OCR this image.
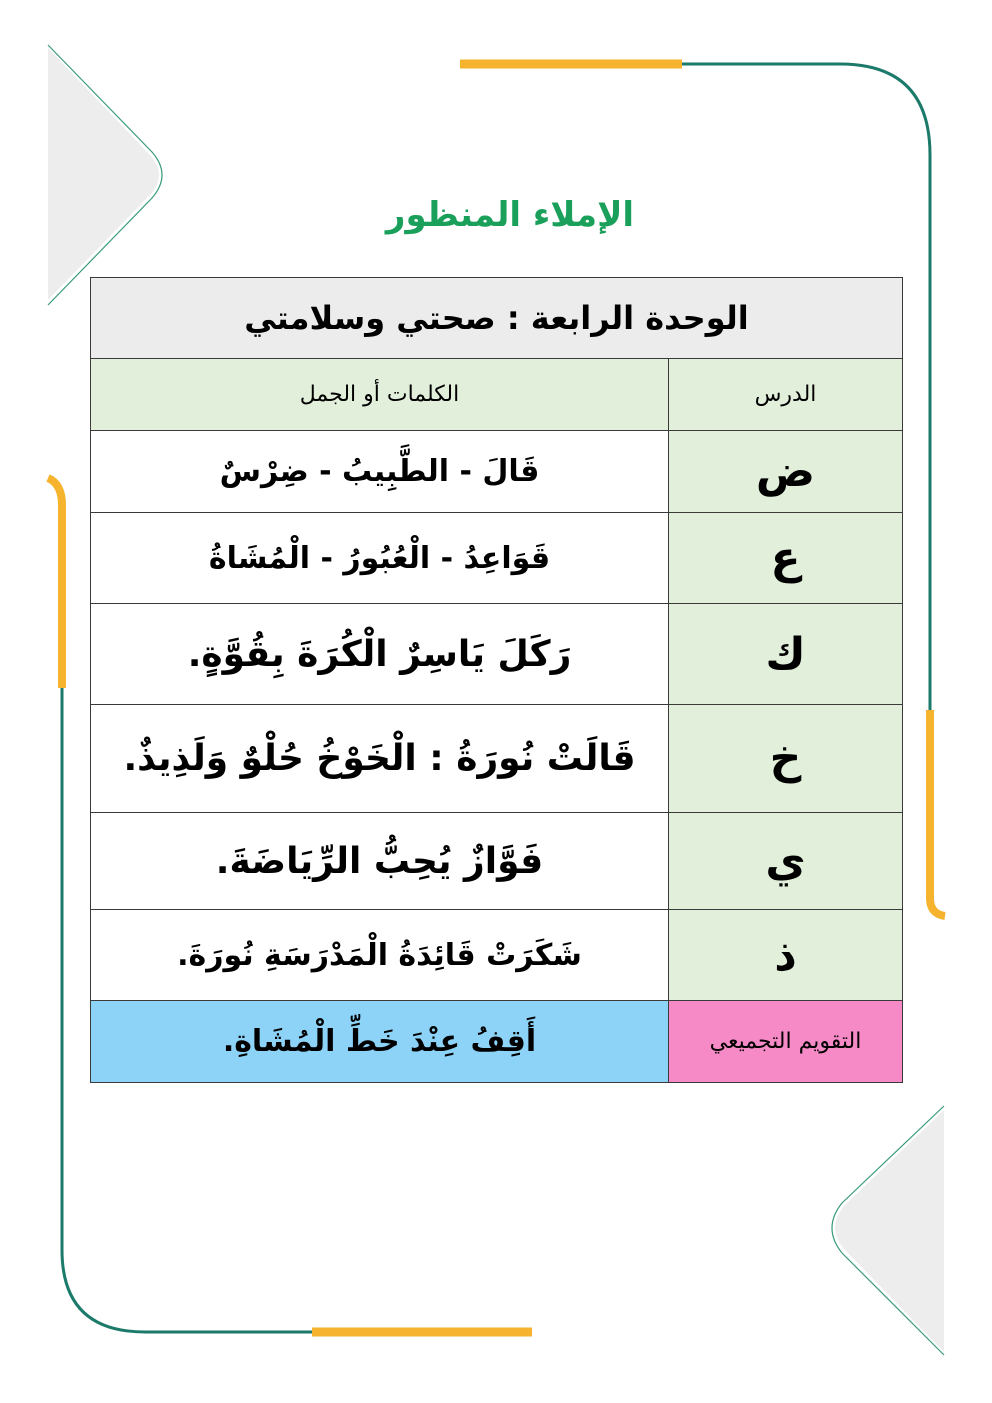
الإملاء المنظور
الوحدة الرابعة : صحتي وسلامتي	
الدرس	الكلمات أو الجمل
ض	قَالَ - الطَّبِيبُ - ضِرْسٌ
ع	قَوَاعِدُ - الْعُبُورُ - الْمُشَاةُ
ك	رَكَلَ يَاسِرٌ الْكُرَةَ بِقُوَّةٍ.
خ	قَالَتْ نُورَةُ : الْخَوْخُ حُلْوٌ وَلَذِيذٌ.
ي	فَوَّازٌ يُحِبُّ الرِّيَاضَةَ.
ذ	شَكَرَتْ قَائِدَةُ الْمَدْرَسَةِ نُورَةَ.
التقويم التجميعي	أَقِفُ عِنْدَ خَطِّ الْمُشَاةِ.
